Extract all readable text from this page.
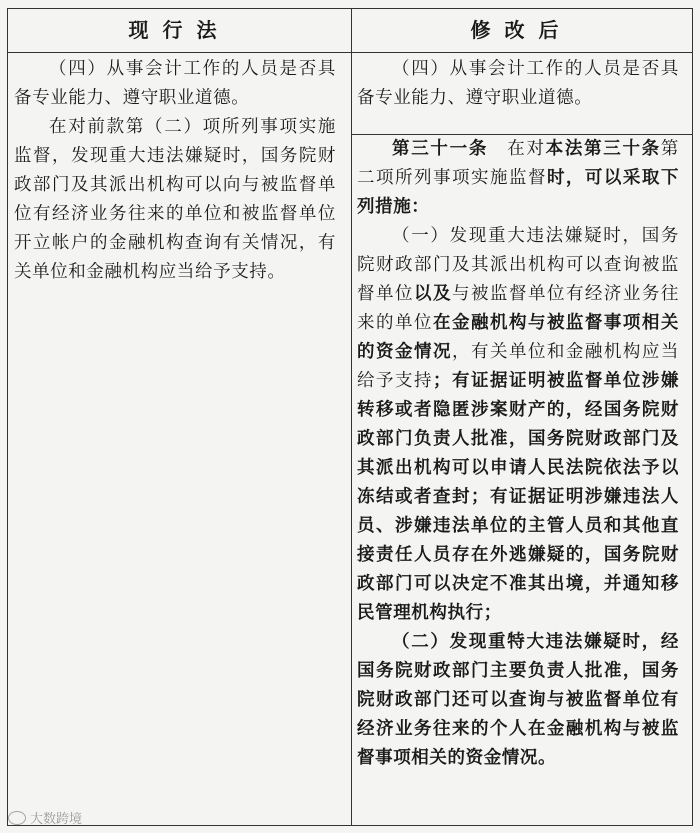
现行法	修改后

（四）从事会计工作的人员是否具备专业能力、遵守职业道德。

在对前款第（二）项所列事项实施监督，发现重大违法嫌疑时，国务院财政部门及其派出机构可以向与被监督单位有经济业务往来的单位和被监督单位开立帐户的金融机构查询有关情况，有关单位和金融机构应当给予支持。

（四）从事会计工作的人员是否具备专业能力、遵守职业道德。

第三十一条　在对本法第三十条第二项所列事项实施监督时，可以采取下列措施：

（一）发现重大违法嫌疑时，国务院财政部门及其派出机构可以查询被监督单位以及与被监督单位有经济业务往来的单位在金融机构与被监督事项相关的资金情况，有关单位和金融机构应当给予支持；有证据证明被监督单位涉嫌转移或者隐匿涉案财产的，经国务院财政部门负责人批准，国务院财政部门及其派出机构可以申请人民法院依法予以冻结或者查封；有证据证明涉嫌违法人员、涉嫌违法单位的主管人员和其他直接责任人员存在外逃嫌疑的，国务院财政部门可以决定不准其出境，并通知移民管理机构执行；

（二）发现重特大违法嫌疑时，经国务院财政部门主要负责人批准，国务院财政部门还可以查询与被监督单位有经济业务往来的个人在金融机构与被监督事项相关的资金情况。

大数跨境
